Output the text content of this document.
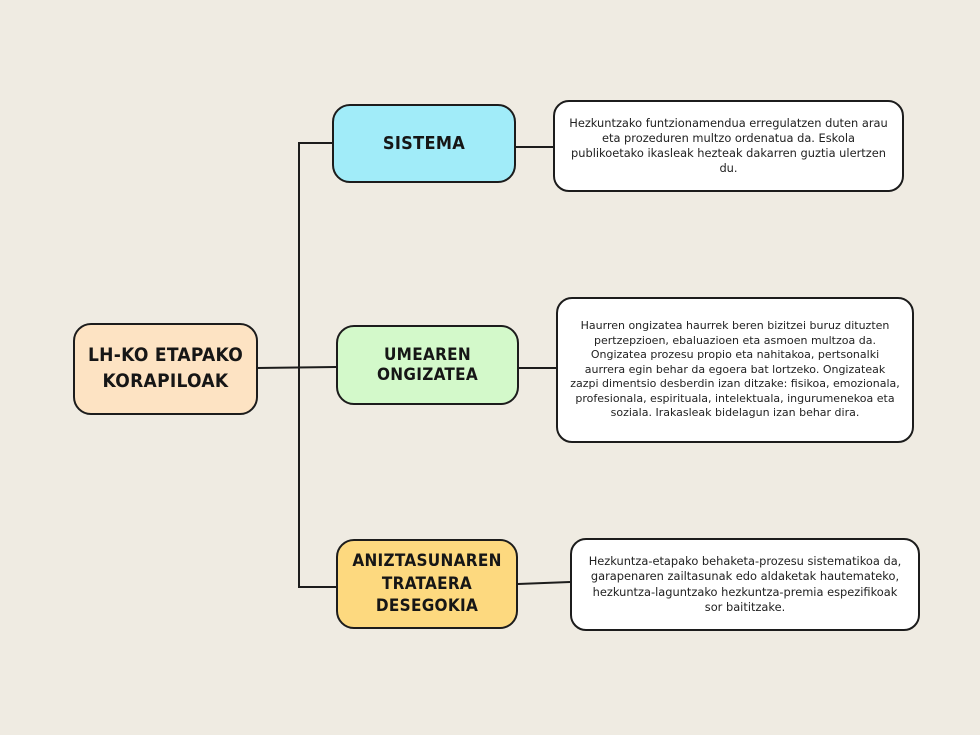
LH-KO ETAPAKO
KORAPILOAK
SISTEMA
UMEAREN ONGIZATEA
ANIZTASUNAREN
TRATAERA DESEGOKIA

Hezkuntzako funtzionamendua erregulatzen duten arau eta prozeduren multzo ordenatua da. Eskola publikoetako ikasleak hezteak dakarren guztia ulertzen du.

Haurren ongizatea haurrek beren bizitzei buruz dituzten pertzepzioen, ebaluazioen eta asmoen multzoa da. Ongizatea prozesu propio eta nahitakoa, pertsonalki aurrera egin behar da egoera bat lortzeko. Ongizateak zazpi dimentsio desberdin izan ditzake: fisikoa, emozionala, profesionala, espirituala, intelektuala, ingurumenekoa eta soziala. Irakasleak bidelagun izan behar dira.

Hezkuntza-etapako behaketa-prozesu sistematikoa da, garapenaren zailtasunak edo aldaketak hautemateko, hezkuntza-laguntzako hezkuntza-premia espezifikoak sor baititzake.
